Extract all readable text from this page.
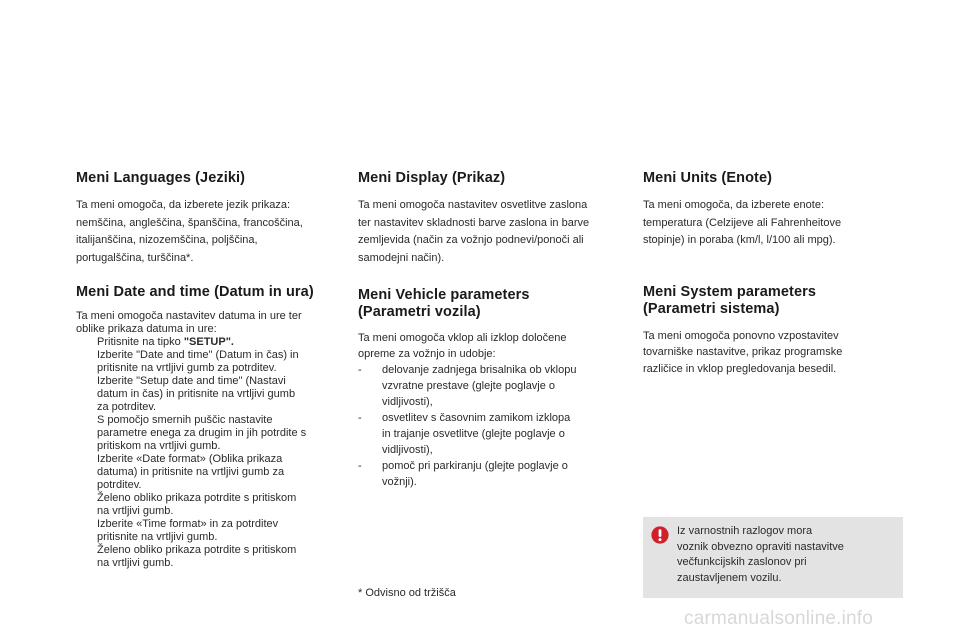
Meni Languages (Jeziki)

Ta meni omogoča, da izberete jezik prikaza:

nemščina, angleščina, španščina, francoščina,

italijanščina, nizozemščina, poljščina,

portugalščina, turščina*.

Meni Date and time (Datum in ura)

Ta meni omogoča nastavitev datuma in ure ter

oblike prikaza datuma in ure:

Pritisnite na tipko "SETUP".
Izberite "Date and time" (Datum in čas) in
pritisnite na vrtljivi gumb za potrditev.
Izberite "Setup date and time" (Nastavi
datum in čas) in pritisnite na vrtljivi gumb
za potrditev.
S pomočjo smernih puščic nastavite
parametre enega za drugim in jih potrdite s
pritiskom na vrtljivi gumb.
Izberite «Date format» (Oblika prikaza
datuma) in pritisnite na vrtljivi gumb za
potrditev.
Želeno obliko prikaza potrdite s pritiskom
na vrtljivi gumb.
Izberite «Time format» in za potrditev
pritisnite na vrtljivi gumb.
Želeno obliko prikaza potrdite s pritiskom
na vrtljivi gumb.
Meni Display (Prikaz)

Ta meni omogoča nastavitev osvetlitve zaslona

ter nastavitev skladnosti barve zaslona in barve

zemljevida (način za vožnjo podnevi/ponoči ali

samodejni način).

Meni Vehicle parameters
(Parametri vozila)

Ta meni omogoča vklop ali izklop določene

opreme za vožnjo in udobje:

- delovanje zadnjega brisalnika ob vklopu
vzvratne prestave (glejte poglavje o
vidljivosti),
- osvetlitev s časovnim zamikom izklopa
in trajanje osvetlitve (glejte poglavje o
vidljivosti),
- pomoč pri parkiranju (glejte poglavje o
vožnji).
Meni Units (Enote)

Ta meni omogoča, da izberete enote:

temperatura (Celzijeve ali Fahrenheitove

stopinje) in poraba (km/l, l/100 ali mpg).

Meni System parameters
(Parametri sistema)

Ta meni omogoča ponovno vzpostavitev

tovarniške nastavitve, prikaz programske

različice in vklop pregledovanja besedil.

* Odvisno od tržišča
Iz varnostnih razlogov mora
voznik obvezno opraviti nastavitve
večfunkcijskih zaslonov pri
zaustavljenem vozilu.
carmanualsonline.info
